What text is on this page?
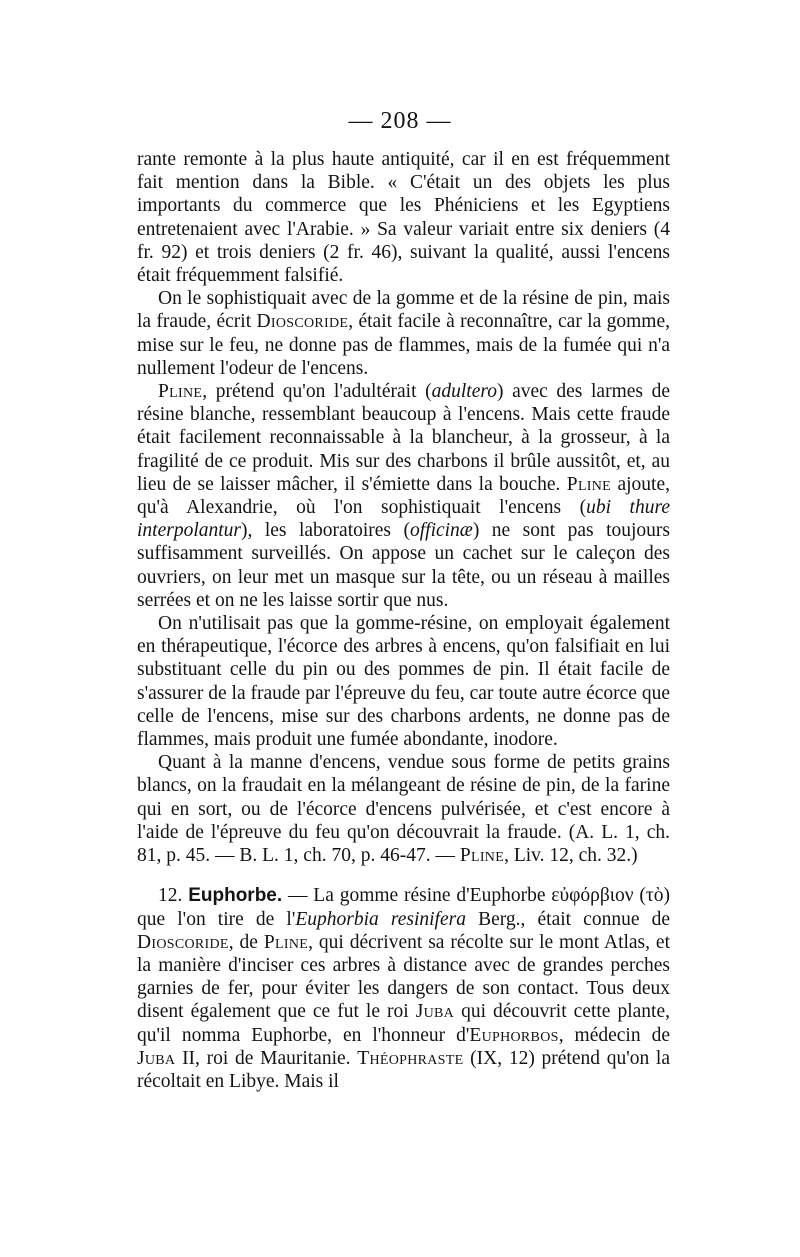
— 208 —

rante remonte à la plus haute antiquité, car il en est fréquemment fait mention dans la Bible. « C'était un des objets les plus importants du commerce que les Phéniciens et les Egyptiens entretenaient avec l'Arabie. » Sa valeur variait entre six deniers (4 fr. 92) et trois deniers (2 fr. 46), suivant la qualité, aussi l'encens était fréquemment falsifié.

On le sophistiquait avec de la gomme et de la résine de pin, mais la fraude, écrit Dioscoride, était facile à reconnaître, car la gomme, mise sur le feu, ne donne pas de flammes, mais de la fumée qui n'a nullement l'odeur de l'encens.

Pline, prétend qu'on l'adultérait (adultero) avec des larmes de résine blanche, ressemblant beaucoup à l'encens. Mais cette fraude était facilement reconnaissable à la blancheur, à la grosseur, à la fragilité de ce produit. Mis sur des charbons il brûle aussitôt, et, au lieu de se laisser mâcher, il s'émiette dans la bouche. Pline ajoute, qu'à Alexandrie, où l'on sophistiquait l'encens (ubi thure interpolantur), les laboratoires (officinæ) ne sont pas toujours suffisamment surveillés. On appose un cachet sur le caleçon des ouvriers, on leur met un masque sur la tête, ou un réseau à mailles serrées et on ne les laisse sortir que nus.

On n'utilisait pas que la gomme-résine, on employait également en thérapeutique, l'écorce des arbres à encens, qu'on falsifiait en lui substituant celle du pin ou des pommes de pin. Il était facile de s'assurer de la fraude par l'épreuve du feu, car toute autre écorce que celle de l'encens, mise sur des charbons ardents, ne donne pas de flammes, mais produit une fumée abondante, inodore.

Quant à la manne d'encens, vendue sous forme de petits grains blancs, on la fraudait en la mélangeant de résine de pin, de la farine qui en sort, ou de l'écorce d'encens pulvérisée, et c'est encore à l'aide de l'épreuve du feu qu'on découvrait la fraude. (A. L. 1, ch. 81, p. 45. — B. L. 1, ch. 70, p. 46-47. — Pline, Liv. 12, ch. 32.)

12. Euphorbe. — La gomme résine d'Euphorbe εὐφόρβιον (τὸ) que l'on tire de l'Euphorbia resinifera Berg., était connue de Dioscoride, de Pline, qui décrivent sa récolte sur le mont Atlas, et la manière d'inciser ces arbres à distance avec de grandes perches garnies de fer, pour éviter les dangers de son contact. Tous deux disent également que ce fut le roi Juba qui découvrit cette plante, qu'il nomma Euphorbe, en l'honneur d'Euphorbos, médecin de Juba II, roi de Mauritanie. Théophraste (IX, 12) prétend qu'on la récoltait en Libye. Mais il
